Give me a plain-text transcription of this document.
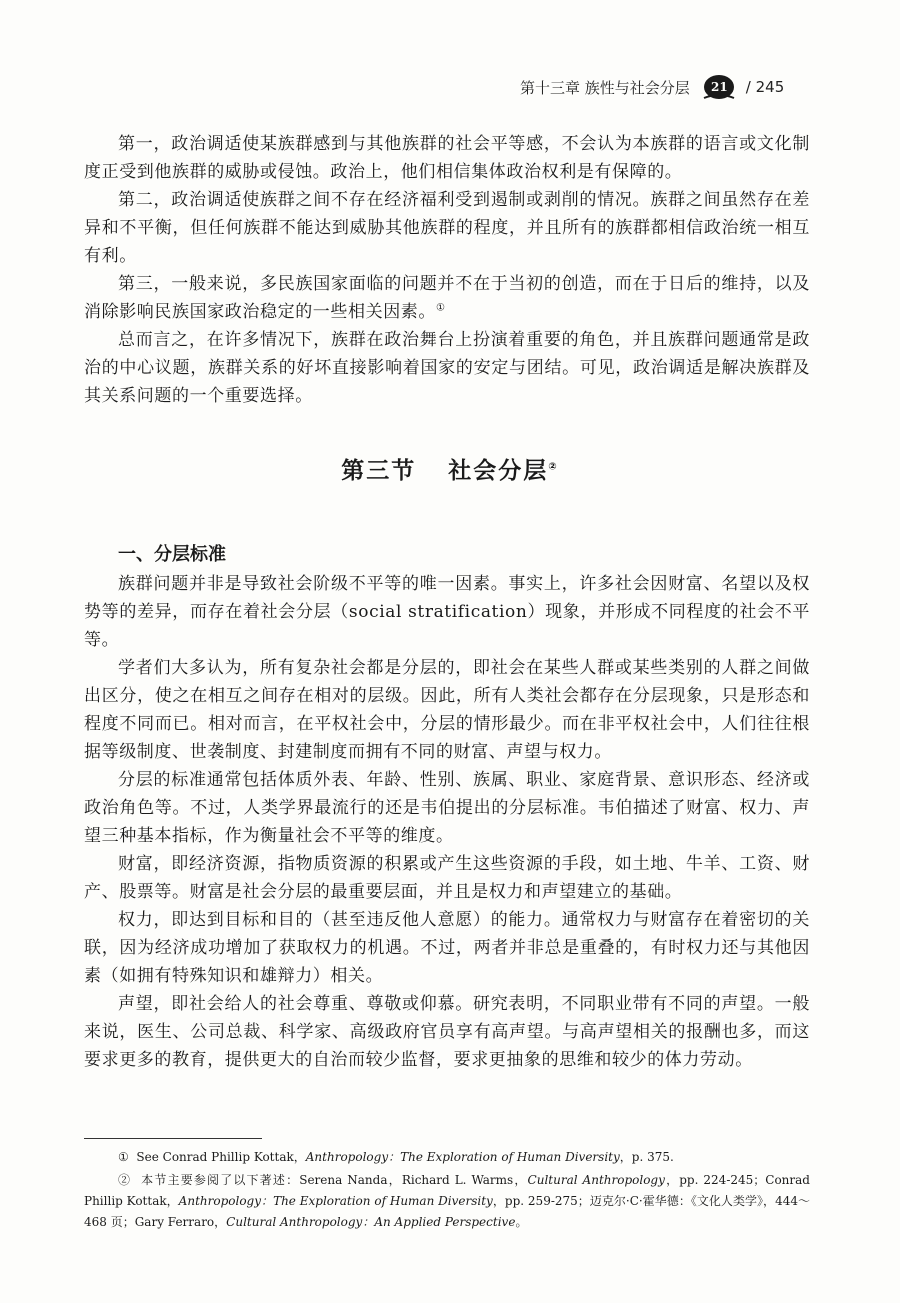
第十三章 族性与社会分层 21 / 245

第一，政治调适使某族群感到与其他族群的社会平等感，不会认为本族群的语言或文化制度正受到他族群的威胁或侵蚀。政治上，他们相信集体政治权利是有保障的。

第二，政治调适使族群之间不存在经济福利受到遏制或剥削的情况。族群之间虽然存在差异和不平衡，但任何族群不能达到威胁其他族群的程度，并且所有的族群都相信政治统一相互有利。

第三，一般来说，多民族国家面临的问题并不在于当初的创造，而在于日后的维持，以及消除影响民族国家政治稳定的一些相关因素。①

总而言之，在许多情况下，族群在政治舞台上扮演着重要的角色，并且族群问题通常是政治的中心议题，族群关系的好坏直接影响着国家的安定与团结。可见，政治调适是解决族群及其关系问题的一个重要选择。

第三节 社会分层②
一、分层标准

族群问题并非是导致社会阶级不平等的唯一因素。事实上，许多社会因财富、名望以及权势等的差异，而存在着社会分层（social stratification）现象，并形成不同程度的社会不平等。

学者们大多认为，所有复杂社会都是分层的，即社会在某些人群或某些类别的人群之间做出区分，使之在相互之间存在相对的层级。因此，所有人类社会都存在分层现象，只是形态和程度不同而已。相对而言，在平权社会中，分层的情形最少。而在非平权社会中，人们往往根据等级制度、世袭制度、封建制度而拥有不同的财富、声望与权力。

分层的标准通常包括体质外表、年龄、性别、族属、职业、家庭背景、意识形态、经济或政治角色等。不过，人类学界最流行的还是韦伯提出的分层标准。韦伯描述了财富、权力、声望三种基本指标，作为衡量社会不平等的维度。

财富，即经济资源，指物质资源的积累或产生这些资源的手段，如土地、牛羊、工资、财产、股票等。财富是社会分层的最重要层面，并且是权力和声望建立的基础。

权力，即达到目标和目的（甚至违反他人意愿）的能力。通常权力与财富存在着密切的关联，因为经济成功增加了获取权力的机遇。不过，两者并非总是重叠的，有时权力还与其他因素（如拥有特殊知识和雄辩力）相关。

声望，即社会给人的社会尊重、尊敬或仰慕。研究表明，不同职业带有不同的声望。一般来说，医生、公司总裁、科学家、高级政府官员享有高声望。与高声望相关的报酬也多，而这要求更多的教育，提供更大的自治而较少监督，要求更抽象的思维和较少的体力劳动。

① See Conrad Phillip Kottak，Anthropology：The Exploration of Human Diversity，p. 375.

② 本节主要参阅了以下著述：Serena Nanda，Richard L. Warms，Cultural Anthropology，pp. 224-245；Conrad Phillip Kottak，Anthropology：The Exploration of Human Diversity，pp. 259-275；迈克尔·C·霍华德：《文化人类学》，444～468 页；Gary Ferraro，Cultural Anthropology：An Applied Perspective。
